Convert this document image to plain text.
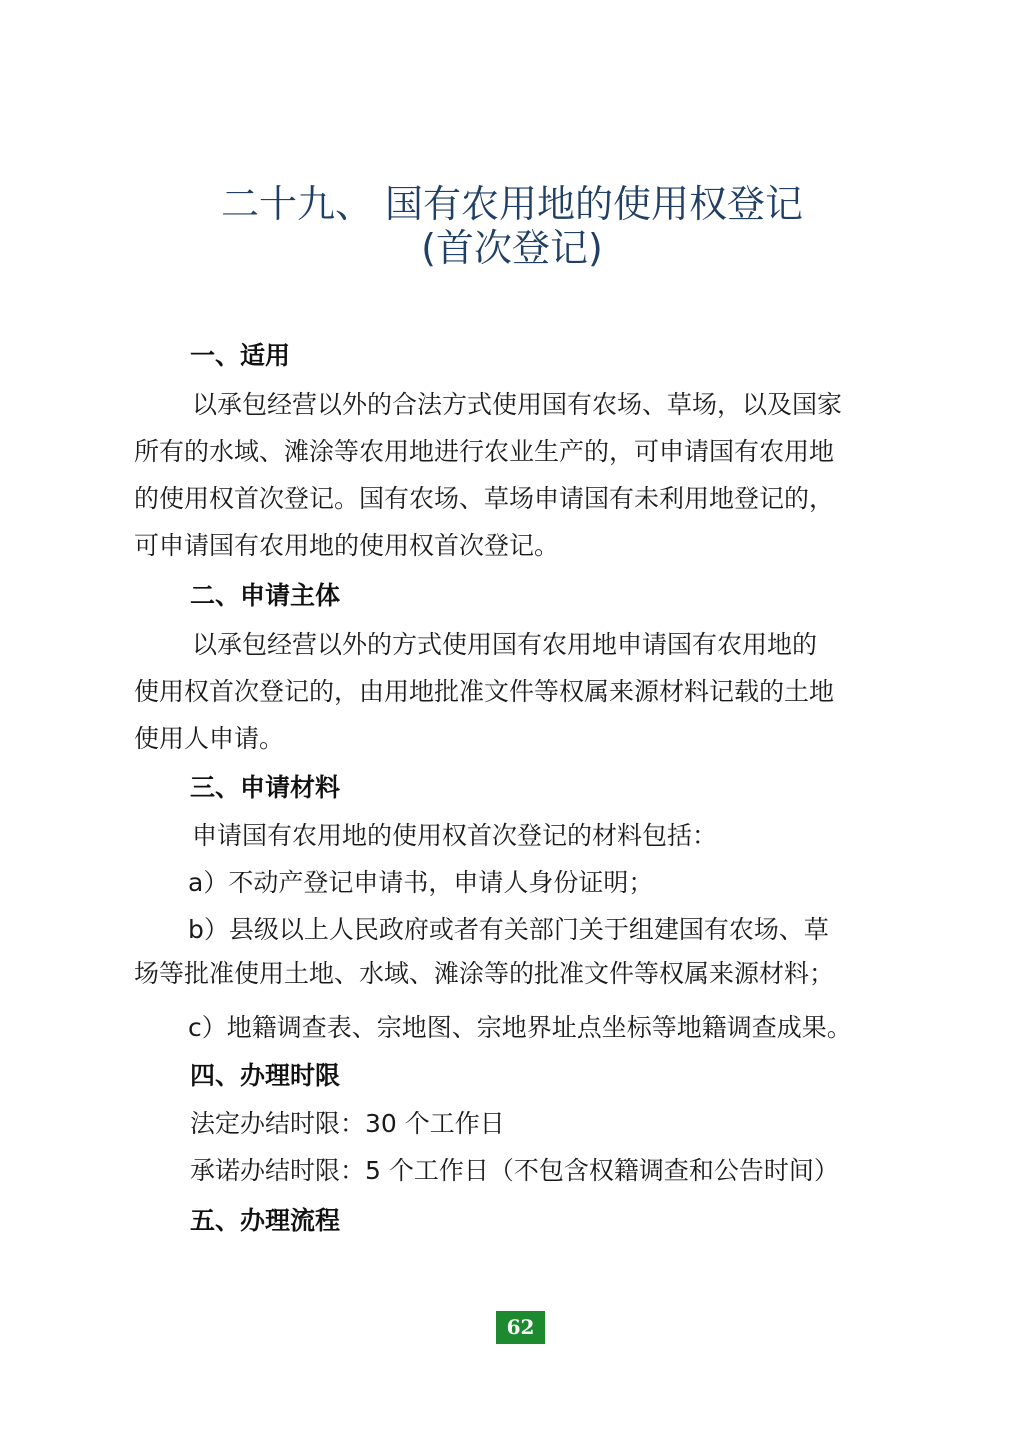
二十九、 国有农用地的使用权登记
(首次登记)
一、适用
以承包经营以外的合法方式使用国有农场、草场，以及国家
所有的水域、滩涂等农用地进行农业生产的，可申请国有农用地
的使用权首次登记。国有农场、草场申请国有未利用地登记的，
可申请国有农用地的使用权首次登记。
二、申请主体
以承包经营以外的方式使用国有农用地申请国有农用地的
使用权首次登记的，由用地批准文件等权属来源材料记载的土地
使用人申请。
三、申请材料
申请国有农用地的使用权首次登记的材料包括：
a）不动产登记申请书，申请人身份证明；
b）县级以上人民政府或者有关部门关于组建国有农场、草
场等批准使用土地、水域、滩涂等的批准文件等权属来源材料；
c）地籍调查表、宗地图、宗地界址点坐标等地籍调查成果。
四、办理时限
法定办结时限：30 个工作日
承诺办结时限：5 个工作日（不包含权籍调查和公告时间）
五、办理流程
62
